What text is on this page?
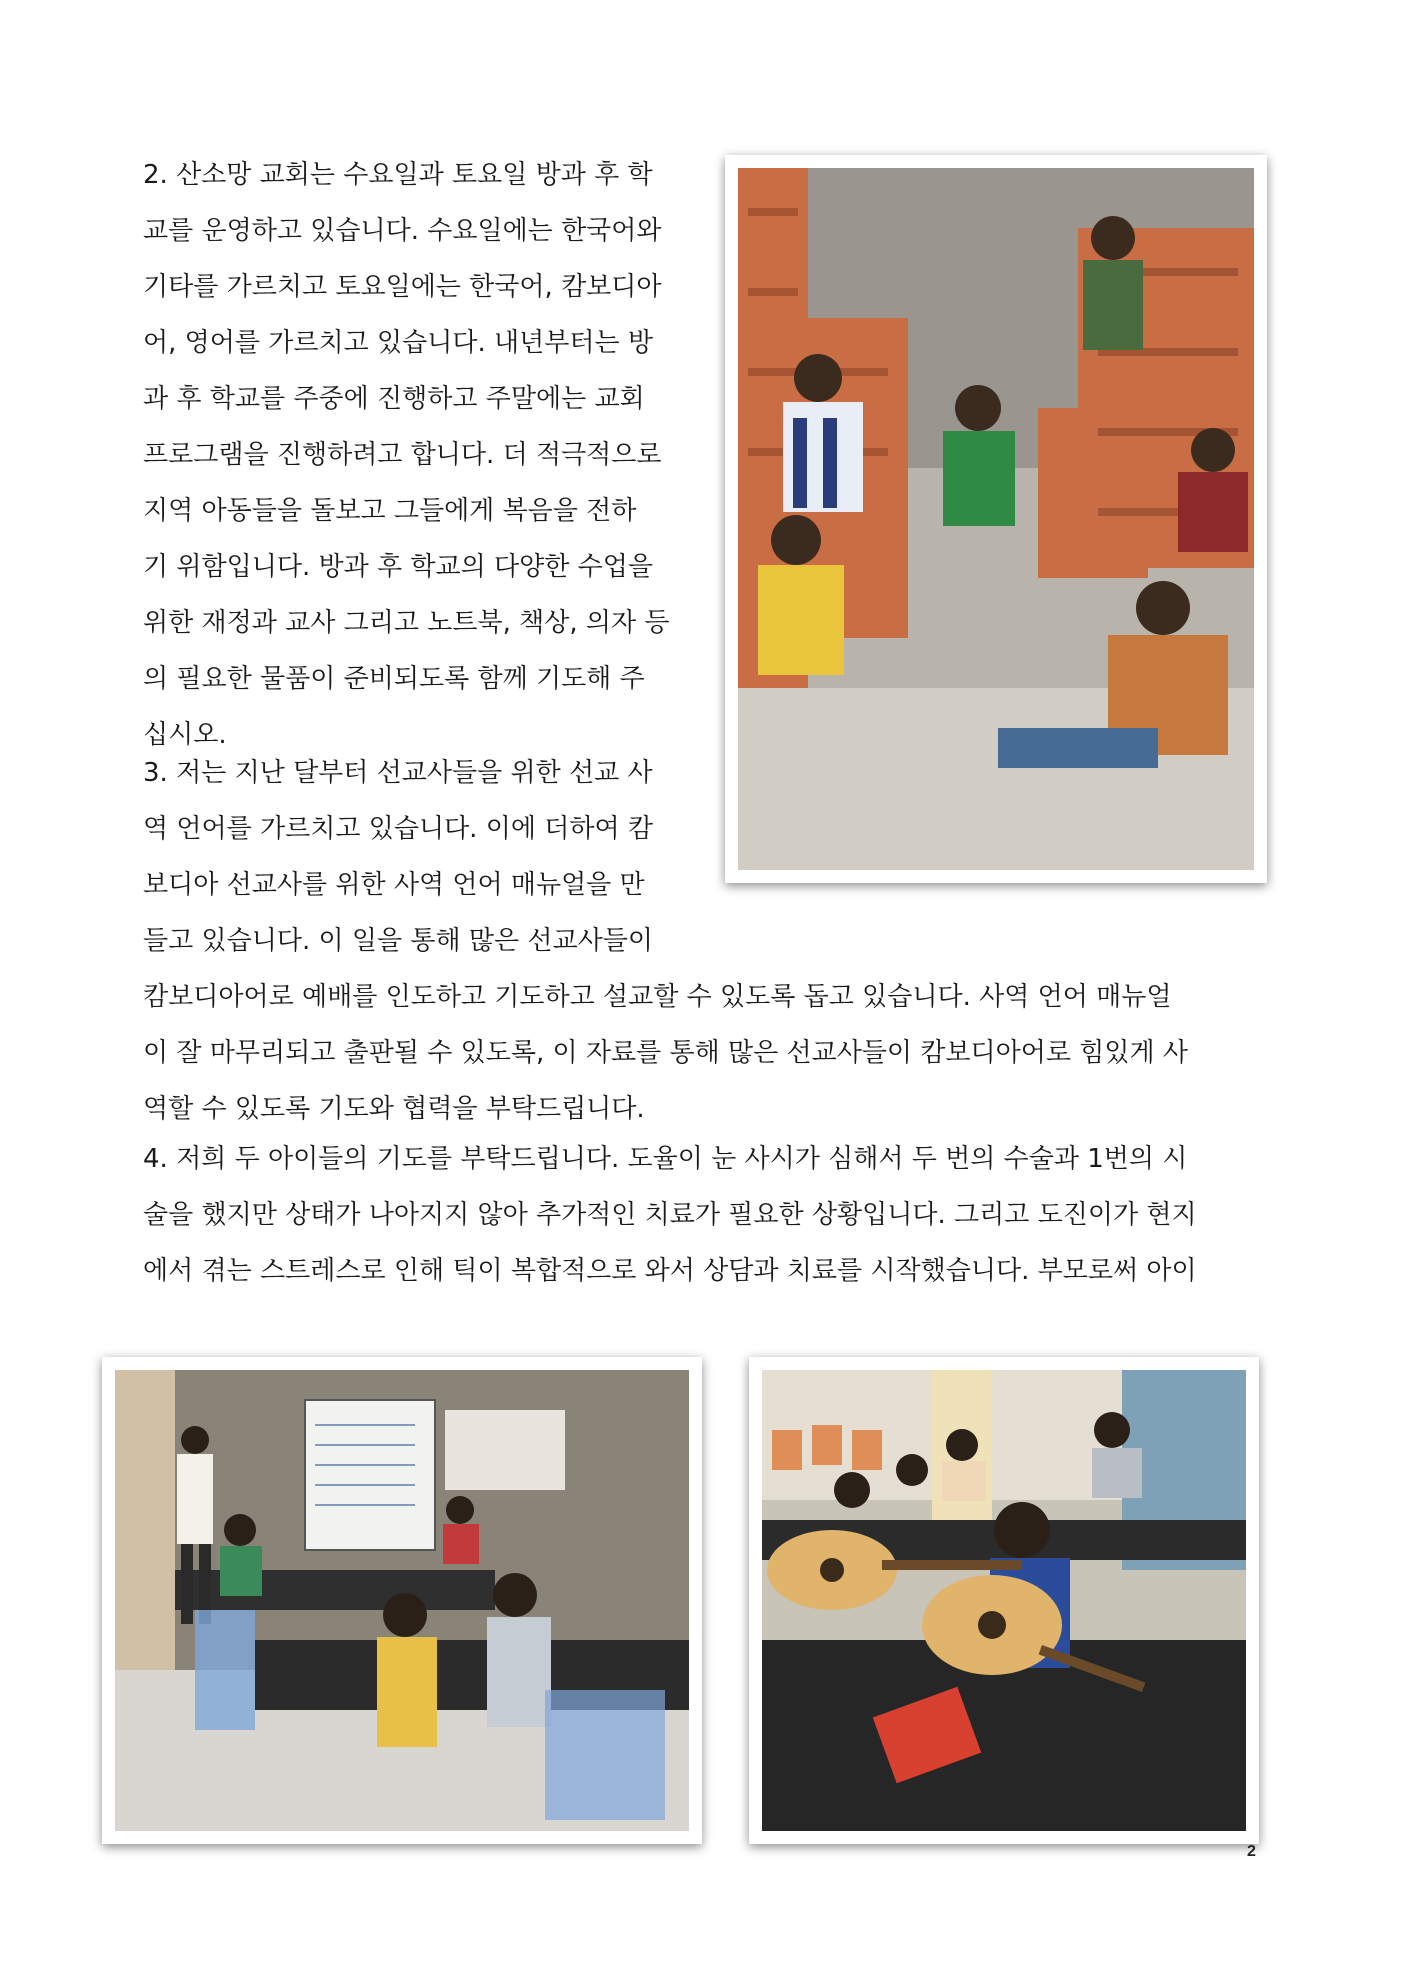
2. 산소망 교회는 수요일과 토요일 방과 후 학
교를 운영하고 있습니다. 수요일에는 한국어와
기타를 가르치고 토요일에는 한국어, 캄보디아
어, 영어를 가르치고 있습니다. 내년부터는 방
과 후 학교를 주중에 진행하고 주말에는 교회
프로그램을 진행하려고 합니다. 더 적극적으로
지역 아동들을 돌보고 그들에게 복음을 전하
기 위함입니다. 방과 후 학교의 다양한 수업을
위한 재정과 교사 그리고 노트북, 책상, 의자 등
의 필요한 물품이 준비되도록 함께 기도해 주
십시오.
3. 저는 지난 달부터 선교사들을 위한 선교 사
역 언어를 가르치고 있습니다. 이에 더하여 캄
보디아 선교사를 위한 사역 언어 매뉴얼을 만
들고 있습니다. 이 일을 통해 많은 선교사들이
캄보디아어로 예배를 인도하고 기도하고 설교할 수 있도록 돕고 있습니다. 사역 언어 매뉴얼
이 잘 마무리되고 출판될 수 있도록, 이 자료를 통해 많은 선교사들이 캄보디아어로 힘있게 사
역할 수 있도록 기도와 협력을 부탁드립니다.
4. 저희 두 아이들의 기도를 부탁드립니다. 도율이 눈 사시가 심해서 두 번의 수술과 1번의 시
술을 했지만 상태가 나아지지 않아 추가적인 치료가 필요한 상황입니다. 그리고 도진이가 현지
에서 겪는 스트레스로 인해 틱이 복합적으로 와서 상담과 치료를 시작했습니다. 부모로써 아이
2
